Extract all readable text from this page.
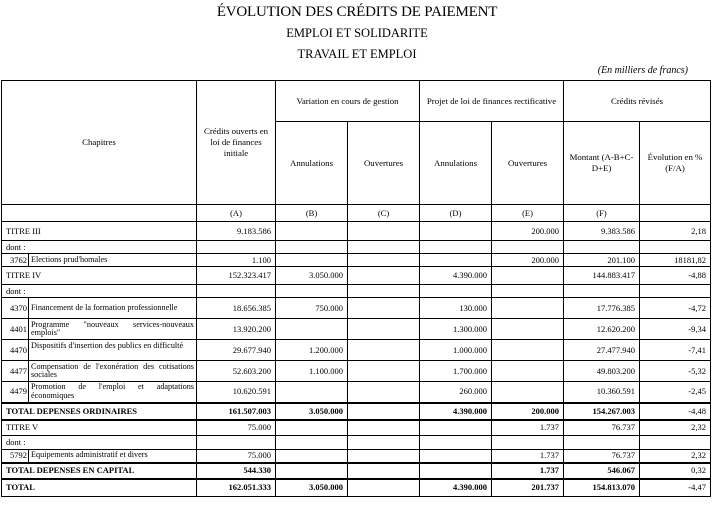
ÉVOLUTION DES CRÉDITS DE PAIEMENT
EMPLOI ET SOLIDARITE
TRAVAIL ET EMPLOI
(En milliers de francs)
Chapitres		Crédits ouverts en loi de finances initiale	Variation en cours de gestion		Projet de loi de finances rectificative		Crédits révisés	
			Annulations	Ouvertures	Annulations	Ouvertures	Montant (A-B+C-D+E)	Évolution en % (F/A)
		(A)	(B)	(C)	(D)	(E)	(F)	
TITRE III		9.183.586				200.000	9.383.586	2,18
dont :								
3762	Elections prud'homales	1.100				200.000	201.100	18181,82
TITRE IV		152.323.417	3.050.000		4.390.000		144.883.417	-4,88
dont :								
4370	Financement de la formation professionnelle	18.656.385	750.000		130.000		17.776.385	-4,72
4401	Programme "nouveaux services-nouveaux emplois"	13.920.200			1.300.000		12.620.200	-9,34
4470	Dispositifs d'insertion des publics en difficulté	29.677.940	1.200.000		1.000.000		27.477.940	-7,41
4477	Compensation de l'exonération des cotisations sociales	52.603.200	1.100.000		1.700.000		49.803.200	-5,32
4479	Promotion de l'emploi et adaptations économiques	10.620.591			260.000		10.360.591	-2,45
TOTAL DEPENSES ORDINAIRES		161.507.003	3.050.000		4.390.000	200.000	154.267.003	-4,48
TITRE V		75.000				1.737	76.737	2,32
dont :								
5792	Equipements administratif et divers	75.000				1.737	76.737	2,32
TOTAL DEPENSES EN CAPITAL		544.330				1.737	546.067	0,32
TOTAL		162.051.333	3.050.000		4.390.000	201.737	154.813.070	-4,47
